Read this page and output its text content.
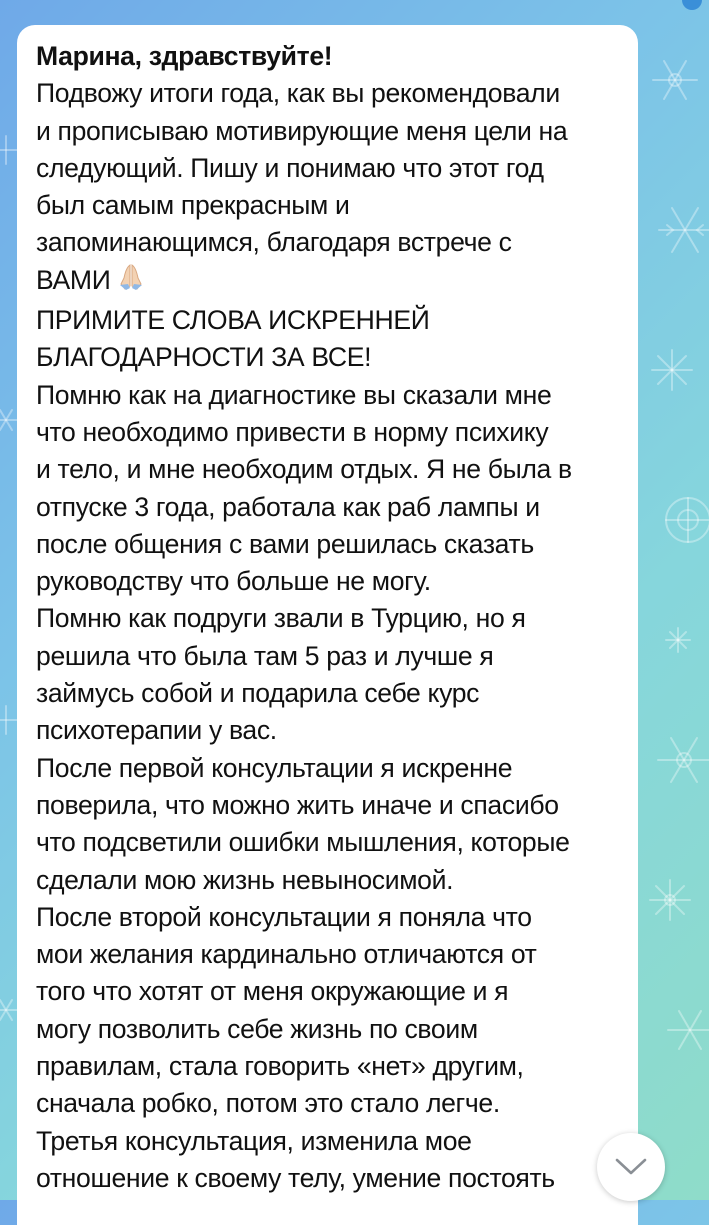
Марина, здравствуйте!
Подвожу итоги года, как вы рекомендовали
и прописываю мотивирующие меня цели на
следующий. Пишу и понимаю что этот год
был самым прекрасным и
запоминающимся, благодаря встрече с
ВАМИ
ПРИМИТЕ СЛОВА ИСКРЕННЕЙ
БЛАГОДАРНОСТИ ЗА ВСЕ!
Помню как на диагностике вы сказали мне
что необходимо привести в норму психику
и тело, и мне необходим отдых. Я не была в
отпуске 3 года, работала как раб лампы и
после общения с вами решилась сказать
руководству что больше не могу.
Помню как подруги звали в Турцию, но я
решила что была там 5 раз и лучше я
займусь собой и подарила себе курс
психотерапии у вас.
После первой консультации я искренне
поверила, что можно жить иначе и спасибо
что подсветили ошибки мышления, которые
сделали мою жизнь невыносимой.
После второй консультации я поняла что
мои желания кардинально отличаются от
того что хотят от меня окружающие и я
могу позволить себе жизнь по своим
правилам, стала говорить «нет» другим,
сначала робко, потом это стало легче.
Третья консультация, изменила мое
отношение к своему телу, умение постоять
